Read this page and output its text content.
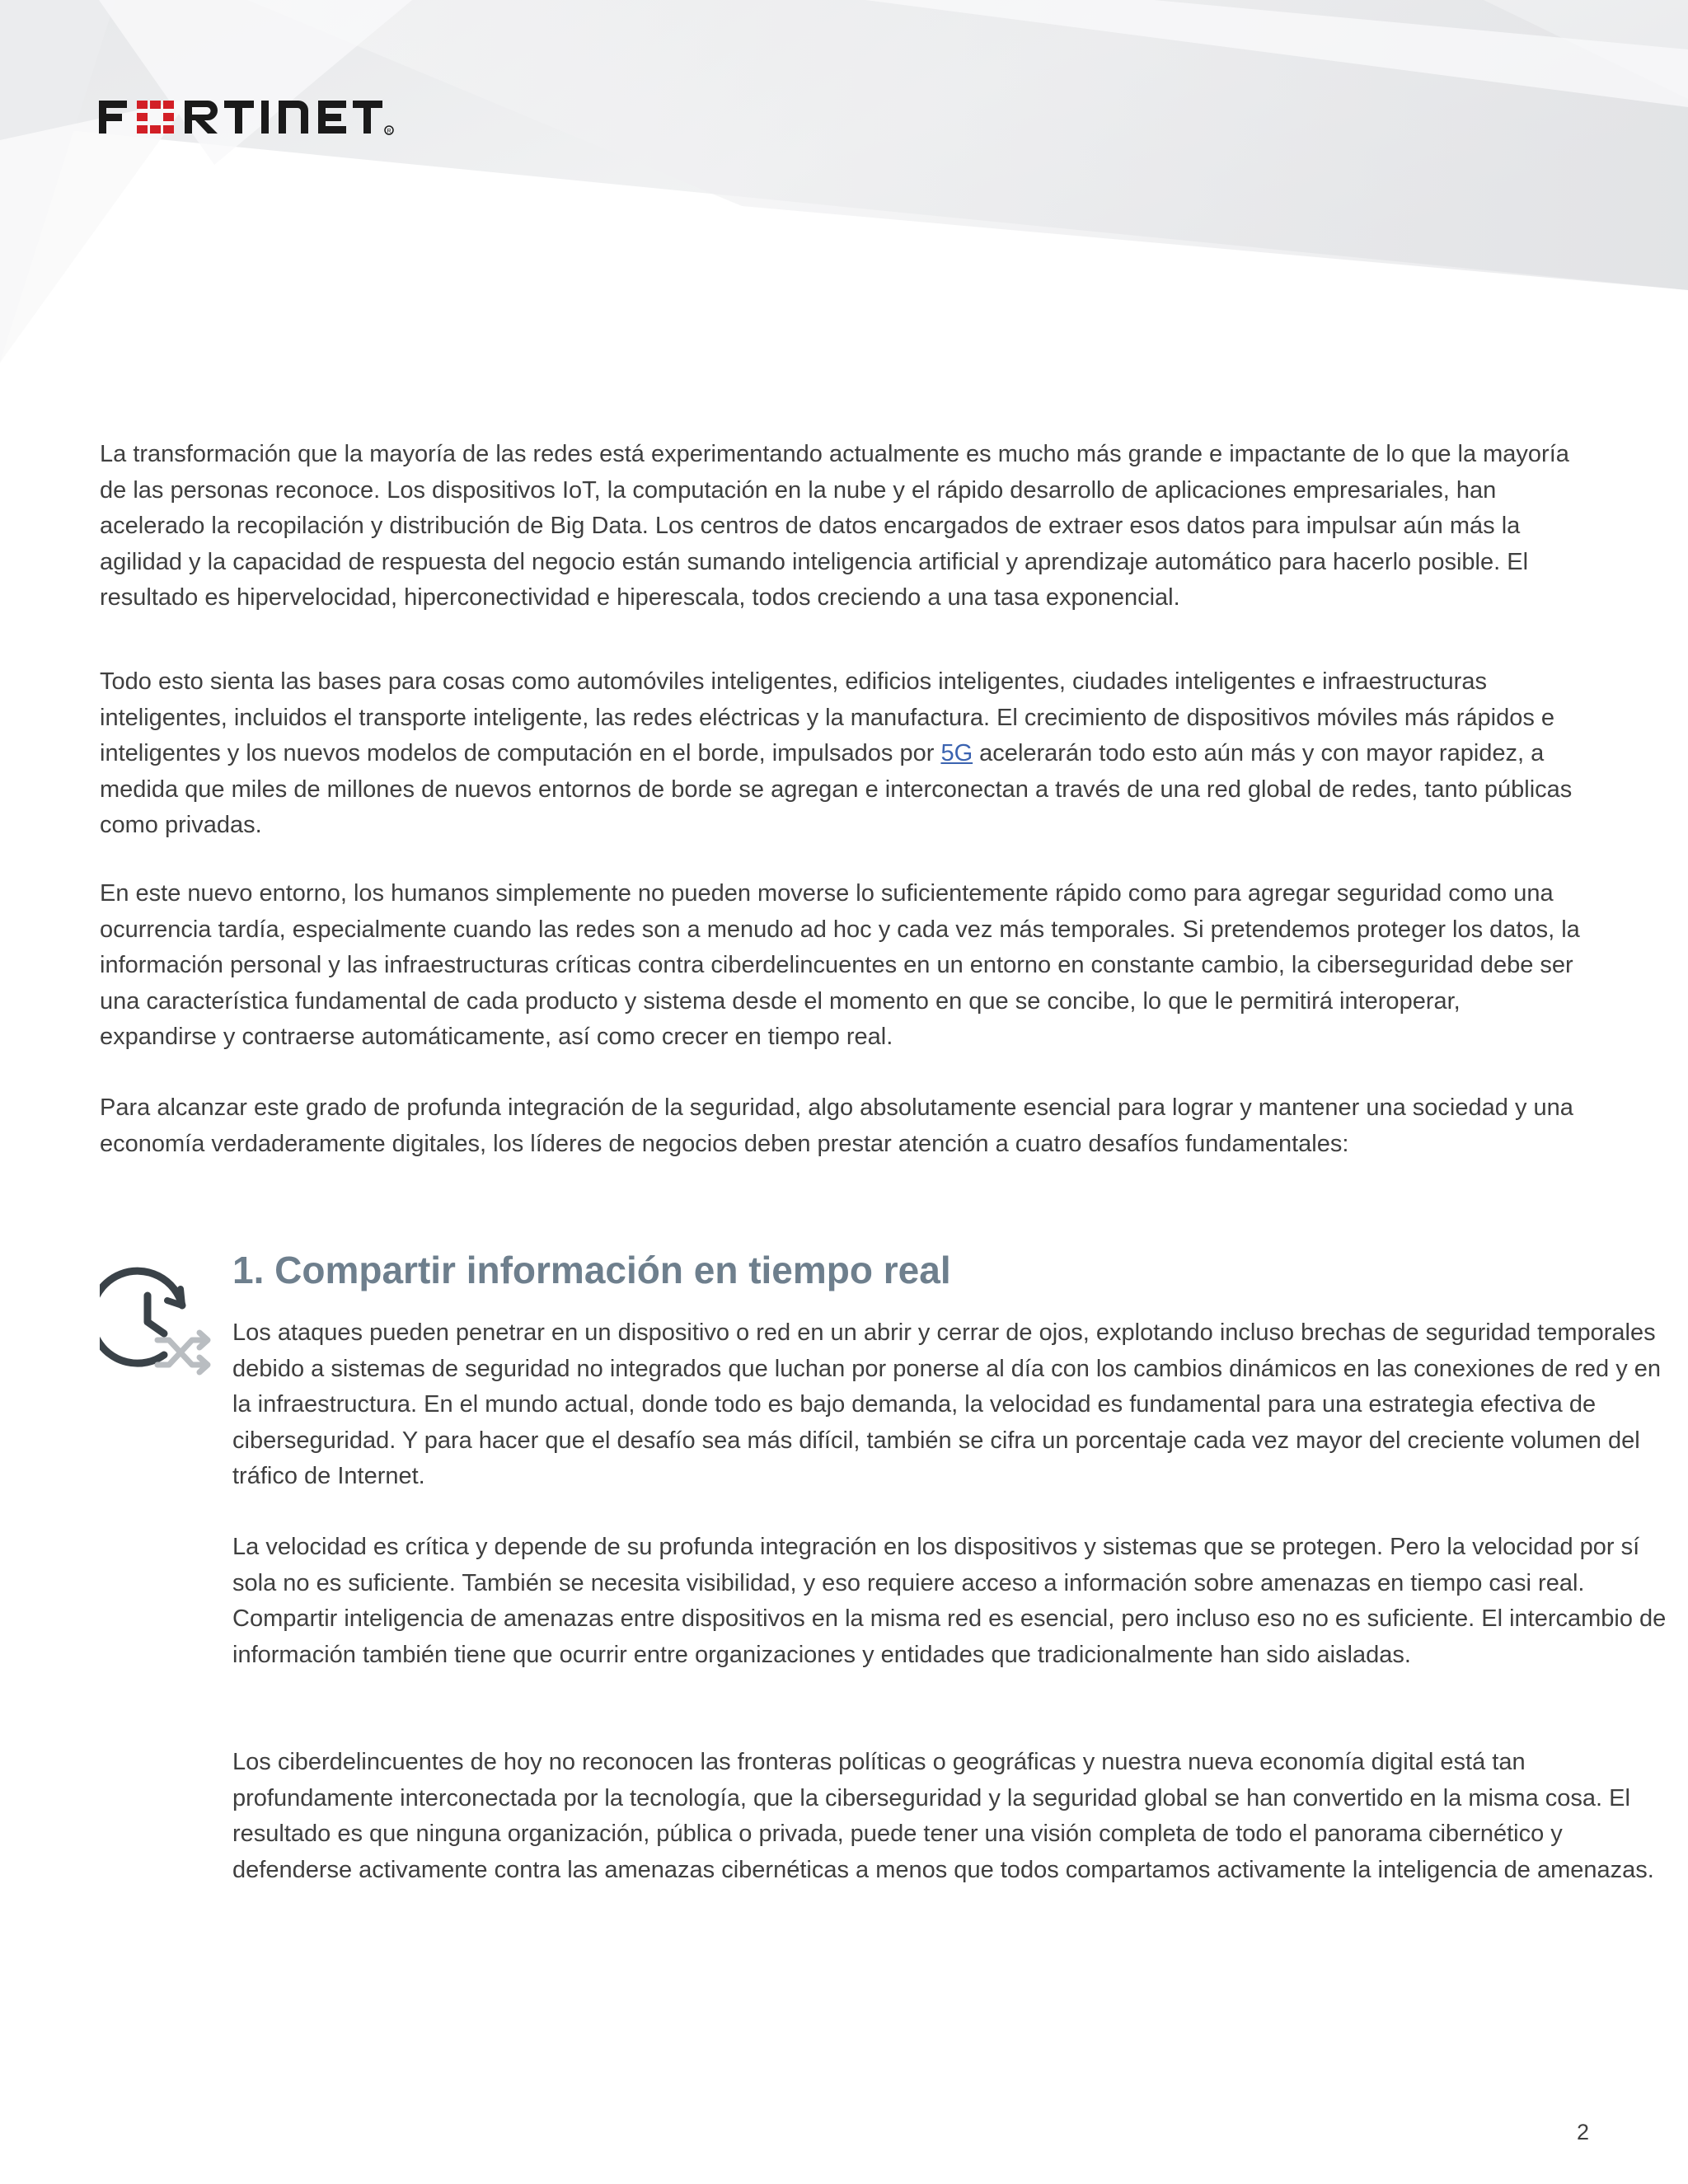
R

La transformación que la mayoría de las redes está experimentando actualmente es mucho más grande e impactante de lo que la mayoría de las personas reconoce. Los dispositivos IoT, la computación en la nube y el rápido desarrollo de aplicaciones empresariales, han acelerado la recopilación y distribución de Big Data. Los centros de datos encargados de extraer esos datos para impulsar aún más la agilidad y la capacidad de respuesta del negocio están sumando inteligencia artificial y aprendizaje automático para hacerlo posible. El resultado es hipervelocidad, hiperconectividad e hiperescala, todos creciendo a una tasa exponencial.

Todo esto sienta las bases para cosas como automóviles inteligentes, edificios inteligentes, ciudades inteligentes e infraestructuras inteligentes, incluidos el transporte inteligente, las redes eléctricas y la manufactura. El crecimiento de dispositivos móviles más rápidos e inteligentes y los nuevos modelos de computación en el borde, impulsados por 5G acelerarán todo esto aún más y con mayor rapidez, a medida que miles de millones de nuevos entornos de borde se agregan e interconectan a través de una red global de redes, tanto públicas como privadas.

En este nuevo entorno, los humanos simplemente no pueden moverse lo suficientemente rápido como para agregar seguridad como una ocurrencia tardía, especialmente cuando las redes son a menudo ad hoc y cada vez más temporales. Si pretendemos proteger los datos, la información personal y las infraestructuras críticas contra ciberdelincuentes en un entorno en constante cambio, la ciberseguridad debe ser una característica fundamental de cada producto y sistema desde el momento en que se concibe, lo que le permitirá interoperar, expandirse y contraerse automáticamente, así como crecer en tiempo real.

Para alcanzar este grado de profunda integración de la seguridad, algo absolutamente esencial para lograr y mantener una sociedad y una economía verdaderamente digitales, los líderes de negocios deben prestar atención a cuatro desafíos fundamentales:

1. Compartir información en tiempo real

Los ataques pueden penetrar en un dispositivo o red en un abrir y cerrar de ojos, explotando incluso brechas de seguridad temporales debido a sistemas de seguridad no integrados que luchan por ponerse al día con los cambios dinámicos en las conexiones de red y en la infraestructura. En el mundo actual, donde todo es bajo demanda, la velocidad es fundamental para una estrategia efectiva de ciberseguridad. Y para hacer que el desafío sea más difícil, también se cifra un porcentaje cada vez mayor del creciente volumen del tráfico de Internet.

La velocidad es crítica y depende de su profunda integración en los dispositivos y sistemas que se protegen. Pero la velocidad por sí sola no es suficiente. También se necesita visibilidad, y eso requiere acceso a información sobre amenazas en tiempo casi real. Compartir inteligencia de amenazas entre dispositivos en la misma red es esencial, pero incluso eso no es suficiente. El intercambio de información también tiene que ocurrir entre organizaciones y entidades que tradicionalmente han sido aisladas.

Los ciberdelincuentes de hoy no reconocen las fronteras políticas o geográficas y nuestra nueva economía digital está tan profundamente interconectada por la tecnología, que la ciberseguridad y la seguridad global se han convertido en la misma cosa. El resultado es que ninguna organización, pública o privada, puede tener una visión completa de todo el panorama cibernético y defenderse activamente contra las amenazas cibernéticas a menos que todos compartamos activamente la inteligencia de amenazas.

2
